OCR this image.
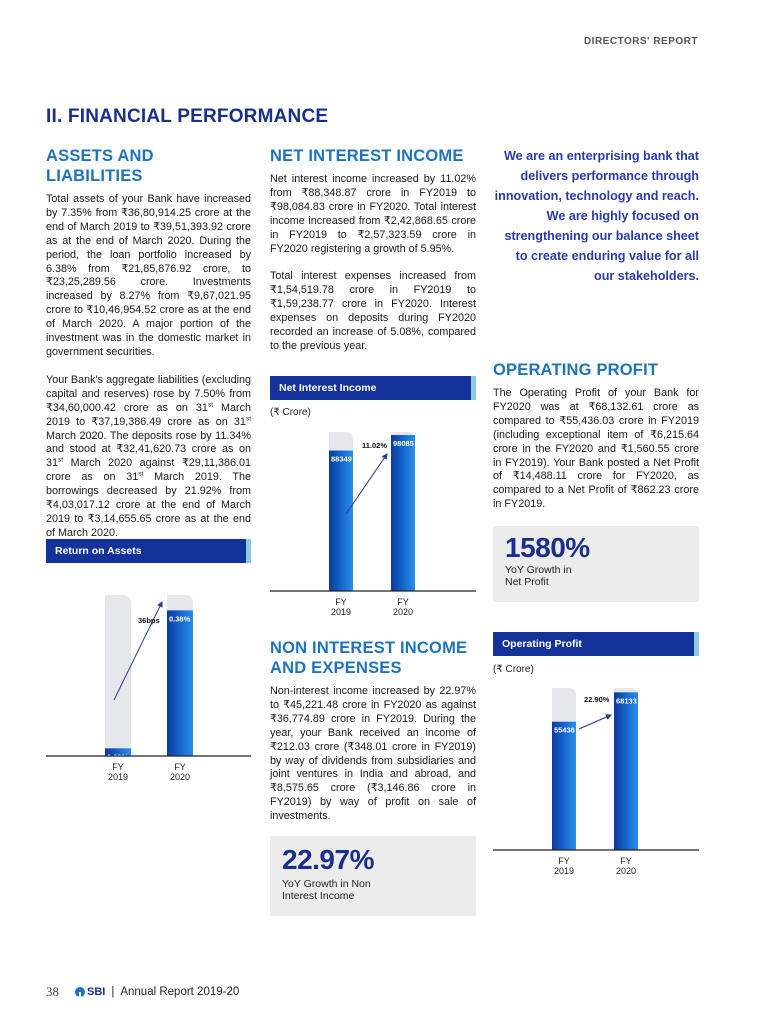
DIRECTORS' REPORT
II. FINANCIAL PERFORMANCE
ASSETS AND LIABILITIES

Total assets of your Bank have increased by 7.35% from ₹36,80,914.25 crore at the end of March 2019 to ₹39,51,393.92 crore as at the end of March 2020. During the period, the loan portfolio increased by 6.38% from ₹21,85,876.92 crore, to ₹23,25,289.56 crore. Investments increased by 8.27% from ₹9,67,021.95 crore to ₹10,46,954.52 crore as at the end of March 2020. A major portion of the investment was in the domestic market in government securities.

Your Bank's aggregate liabilities (excluding capital and reserves) rose by 7.50% from ₹34,60,000.42 crore as on 31st March 2019 to ₹37,19,386.49 crore as on 31st March 2020. The deposits rose by 11.34% and stood at ₹32,41,620.73 crore as on 31st March 2020 against ₹29,11,386.01 crore as on 31st March 2019. The borrowings decreased by 21.92% from ₹4,03,017.12 crore at the end of March 2019 to ₹3,14,655.65 crore as at the end of March 2020.

NET INTEREST INCOME

Net interest income increased by 11.02% from ₹88,348.87 crore in FY2019 to ₹98,084.83 crore in FY2020. Total interest income increased from ₹2,42,868.65 crore in FY2019 to ₹2,57,323.59 crore in FY2020 registering a growth of 5.95%.

Total interest expenses increased from ₹1,54,519.78 crore in FY2019 to ₹1,59,238.77 crore in FY2020. Interest expenses on deposits during FY2020 recorded an increase of 5.08%, compared to the previous year.

We are an enterprising bank that delivers performance through innovation, technology and reach. We are highly focused on strengthening our balance sheet to create enduring value for all our stakeholders.
OPERATING PROFIT

The Operating Profit of your Bank for FY2020 was at ₹68,132.61 crore as compared to ₹55,436.03 crore in FY2019 (including exceptional item of ₹6,215.64 crore in the FY2020 and ₹1,560.55 crore in FY2019). Your Bank posted a Net Profit of ₹14,488.11 crore for FY2020, as compared to a Net Profit of ₹862.23 crore in FY2019.

NON INTEREST INCOME
AND EXPENSES

Non-interest income increased by 22.97% to ₹45,221.48 crore in FY2020 as against ₹36,774.89 crore in FY2019. During the year, your Bank received an income of ₹212.03 crore (₹348.01 crore in FY2019) by way of dividends from subsidiaries and joint ventures in India and abroad, and ₹8,575.65 crore (₹3,146.86 crore in FY2019) by way of profit on sale of investments.

1580%
YoY Growth in
Net Profit
22.97%
YoY Growth in Non
Interest Income
Return on Assets
Net Interest Income
(₹ Crore)
Operating Profit
(₹ Crore)
0.02%
FY 2019
0.38%
FY 2020
36bps
88349
FY 2019
98085
FY 2020
11.02%
55436
FY 2019
68133
FY 2020
22.90%
38	SBI | Annual Report 2019-20
